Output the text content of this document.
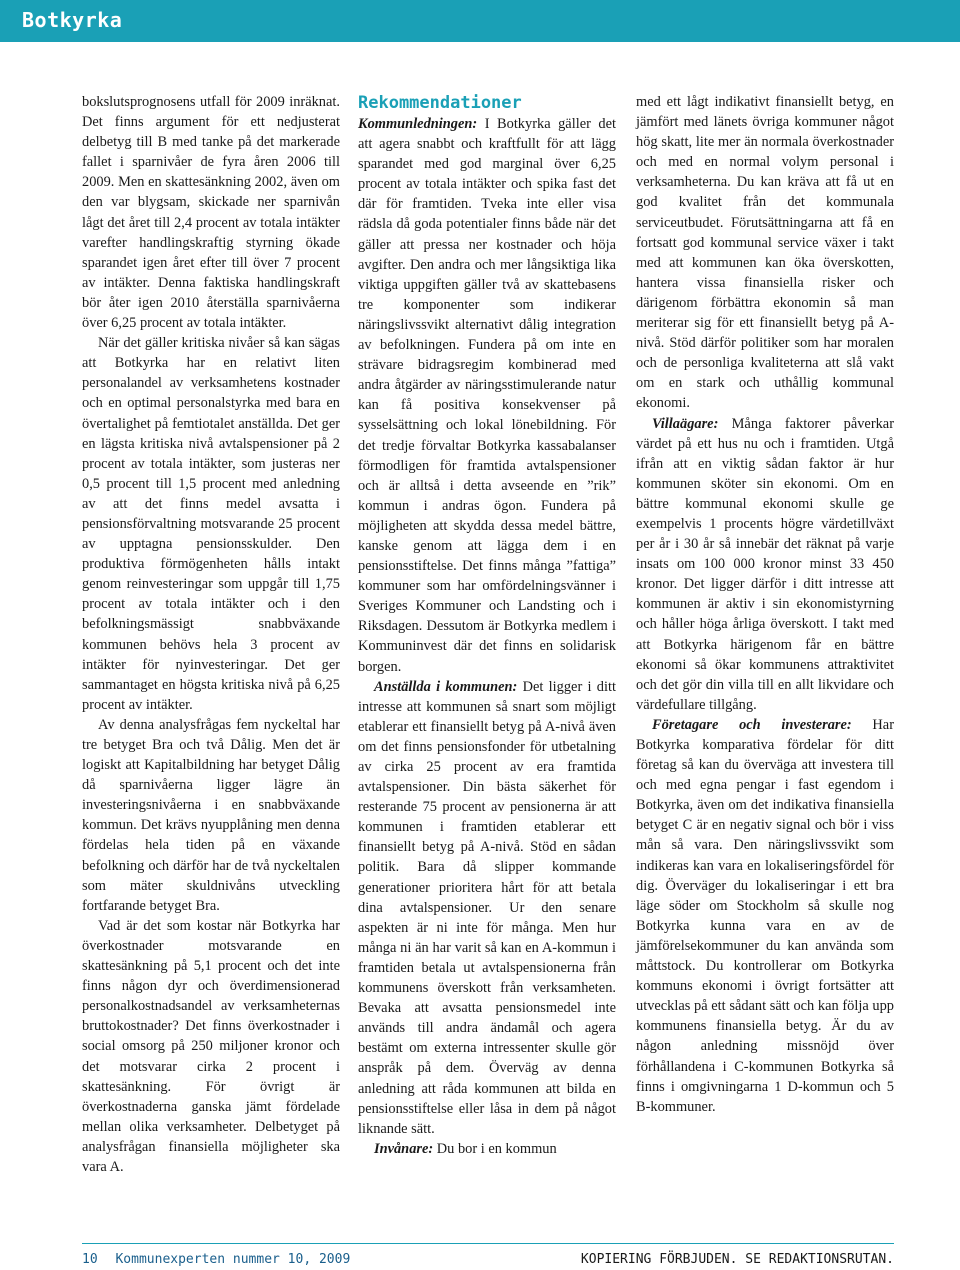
Botkyrka

bokslutsprognosens utfall för 2009 inräknat. Det finns argument för ett nedjusterat delbetyg till B med tanke på det markerade fallet i sparnivåer de fyra åren 2006 till 2009. Men en skattesänkning 2002, även om den var blygsam, skickade ner sparnivån lågt det året till 2,4 procent av totala intäkter varefter handlingskraftig styrning ökade sparandet igen året efter till över 7 procent av intäkter. Denna faktiska handlingskraft bör åter igen 2010 återställa sparnivåerna över 6,25 procent av totala intäkter.

När det gäller kritiska nivåer så kan sägas att Botkyrka har en relativt liten personalandel av verksamhetens kostnader och en optimal personalstyrka med bara en övertalighet på femtiotalet anställda. Det ger en lägsta kritiska nivå avtalspensioner på 2 procent av totala intäkter, som justeras ner 0,5 procent till 1,5 procent med anledning av att det finns medel avsatta i pensionsförvaltning motsvarande 25 procent av upptagna pensionsskulder. Den produktiva förmögenheten hålls intakt genom reinvesteringar som uppgår till 1,75 procent av totala intäkter och i den befolkningsmässigt snabbväxande kommunen behövs hela 3 procent av intäkter för nyinvesteringar. Det ger sammantaget en högsta kritiska nivå på 6,25 procent av intäkter.

Av denna analysfrågas fem nyckeltal har tre betyget Bra och två Dålig. Men det är logiskt att Kapitalbildning har betyget Dålig då sparnivåerna ligger lägre än investeringsnivåerna i en snabbväxande kommun. Det krävs nyupplåning men denna fördelas hela tiden på en växande befolkning och därför har de två nyckeltalen som mäter skuldnivåns utveckling fortfarande betyget Bra.

Vad är det som kostar när Botkyrka har överkostnader motsvarande en skattesänkning på 5,1 procent och det inte finns någon dyr och överdimensionerad personalkostnadsandel av verksamheternas bruttokostnader? Det finns överkostnader i social omsorg på 250 miljoner kronor och det motsvarar cirka 2 procent i skattesänkning. För övrigt är överkostnaderna ganska jämt fördelade mellan olika verksamheter. Delbetyget på analysfrågan finansiella möjligheter ska vara A.

Rekommendationer

Kommunledningen: I Botkyrka gäller det att agera snabbt och kraftfullt för att lägg sparandet med god marginal över 6,25 procent av totala intäkter och spika fast det där för framtiden. Tveka inte eller visa rädsla då goda potentialer finns både när det gäller att pressa ner kostnader och höja avgifter. Den andra och mer långsiktiga lika viktiga uppgiften gäller två av skattebasens tre komponenter som indikerar näringslivssvikt alternativt dålig integration av befolkningen. Fundera på om inte en strävare bidragsregim kombinerad med andra åtgärder av näringsstimulerande natur kan få positiva konsekvenser på sysselsättning och lokal lönebildning. För det tredje förvaltar Botkyrka kassabalanser förmodligen för framtida avtalspensioner och är alltså i detta avseende en ”rik” kommun i andras ögon. Fundera på möjligheten att skydda dessa medel bättre, kanske genom att lägga dem i en pensionsstiftelse. Det finns många ”fattiga” kommuner som har omfördelningsvänner i Sveriges Kommuner och Landsting och i Riksdagen. Dessutom är Botkyrka medlem i Kommuninvest där det finns en solidarisk borgen.

Anställda i kommunen: Det ligger i ditt intresse att kommunen så snart som möjligt etablerar ett finansiellt betyg på A-nivå även om det finns pensionsfonder för utbetalning av cirka 25 procent av era framtida avtalspensioner. Din bästa säkerhet för resterande 75 procent av pensionerna är att kommunen i framtiden etablerar ett finansiellt betyg på A-nivå. Stöd en sådan politik. Bara då slipper kommande generationer prioritera hårt för att betala dina avtalspensioner. Ur den senare aspekten är ni inte för många. Men hur många ni än har varit så kan en A-kommun i framtiden betala ut avtalspensionerna från kommunens överskott från verksamheten. Bevaka att avsatta pensionsmedel inte används till andra ändamål och agera bestämt om externa intressenter skulle gör anspråk på dem. Överväg av denna anledning att råda kommunen att bilda en pensionsstiftelse eller låsa in dem på något liknande sätt.

Invånare: Du bor i en kommun

med ett lågt indikativt finansiellt betyg, en jämfört med länets övriga kommuner något hög skatt, lite mer än normala överkostnader och med en normal volym personal i verksamheterna. Du kan kräva att få ut en god kvalitet från det kommunala serviceutbudet. Förutsättningarna att få en fortsatt god kommunal service växer i takt med att kommunen kan öka överskotten, hantera vissa finansiella risker och därigenom förbättra ekonomin så man meriterar sig för ett finansiellt betyg på A-nivå. Stöd därför politiker som har moralen och de personliga kvaliteterna att slå vakt om en stark och uthållig kommunal ekonomi.

Villaägare: Många faktorer påverkar värdet på ett hus nu och i framtiden. Utgå ifrån att en viktig sådan faktor är hur kommunen sköter sin ekonomi. Om en bättre kommunal ekonomi skulle ge exempelvis 1 procents högre värdetillväxt per år i 30 år så innebär det räknat på varje insats om 100 000 kronor minst 33 450 kronor. Det ligger därför i ditt intresse att kommunen är aktiv i sin ekonomistyrning och håller höga årliga överskott. I takt med att Botkyrka härigenom får en bättre ekonomi så ökar kommunens attraktivitet och det gör din villa till en allt likvidare och värdefullare tillgång.

Företagare och investerare: Har Botkyrka komparativa fördelar för ditt företag så kan du överväga att investera till och med egna pengar i fast egendom i Botkyrka, även om det indikativa finansiella betyget C är en negativ signal och bör i viss mån så vara. Den näringslivssvikt som indikeras kan vara en lokaliseringsfördel för dig. Överväger du lokaliseringar i ett bra läge söder om Stockholm så skulle nog Botkyrka kunna vara en av de jämförelsekommuner du kan använda som måttstock. Du kontrollerar om Botkyrka kommuns ekonomi i övrigt fortsätter att utvecklas på ett sådant sätt och kan följa upp kommunens finansiella betyg. Är du av någon anledning missnöjd över förhållandena i C-kommunen Botkyrka så finns i omgivningarna 1 D-kommun och 5 B-kommuner.

10 Kommunexperten nummer 10, 2009	KOPIERING FÖRBJUDEN. SE REDAKTIONSRUTAN.
